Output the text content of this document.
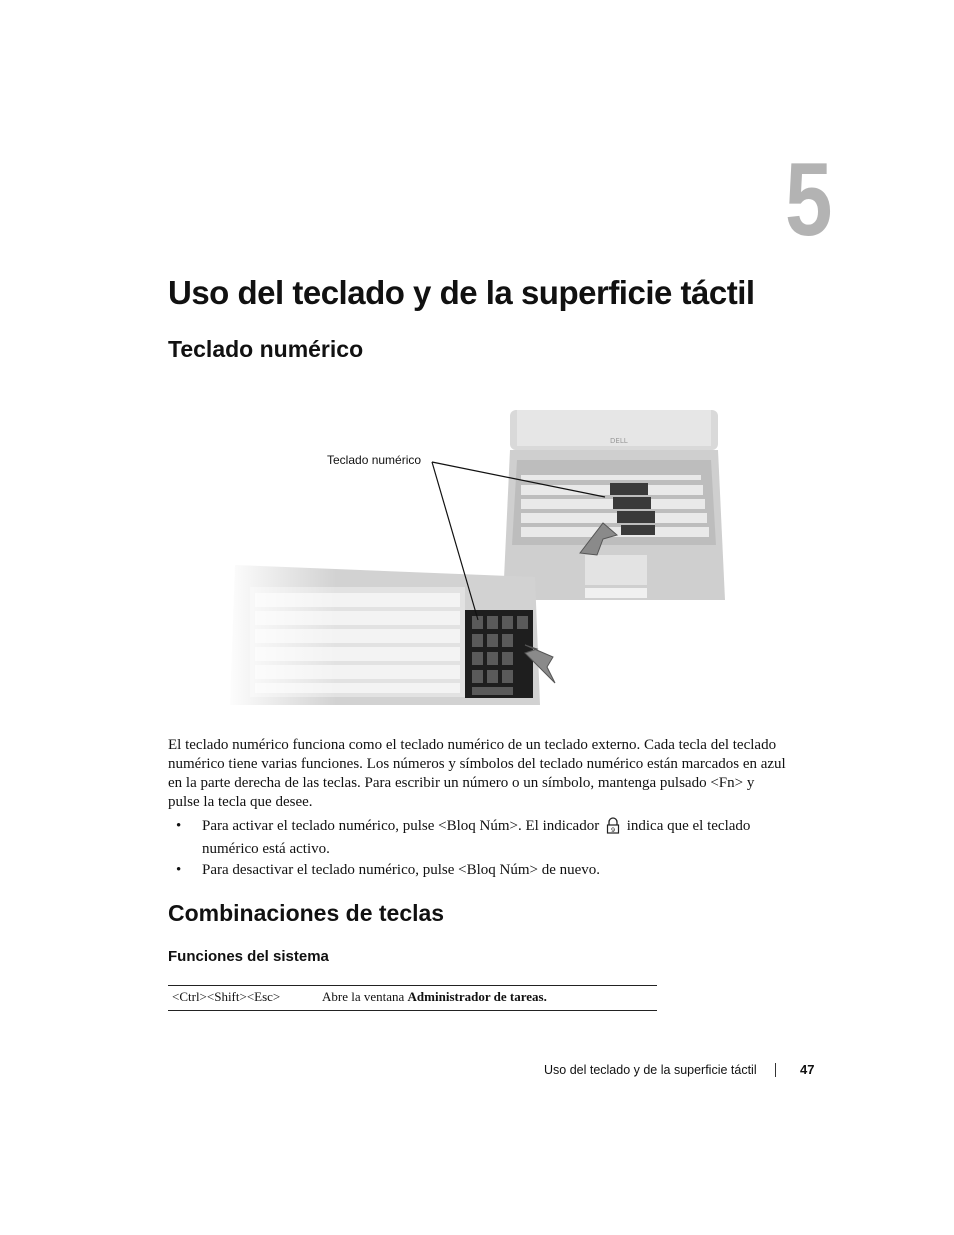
5
Uso del teclado y de la superficie táctil
Teclado numérico
DELL
Teclado numérico

El teclado numérico funciona como el teclado numérico de un teclado externo. Cada tecla del teclado numérico tiene varias funciones. Los números y símbolos del teclado numérico están marcados en azul en la parte derecha de las teclas. Para escribir un número o un símbolo, mantenga pulsado <Fn> y pulse la tecla que desee.

• Para activar el teclado numérico, pulse <Bloq Núm>. El indicador 9 indica que el teclado numérico está activo.
• Para desactivar el teclado numérico, pulse <Bloq Núm> de nuevo.
Combinaciones de teclas
Funciones del sistema
<Ctrl><Shift><Esc>	Abre la ventana Administrador de tareas.
Uso del teclado y de la superficie táctil	47
